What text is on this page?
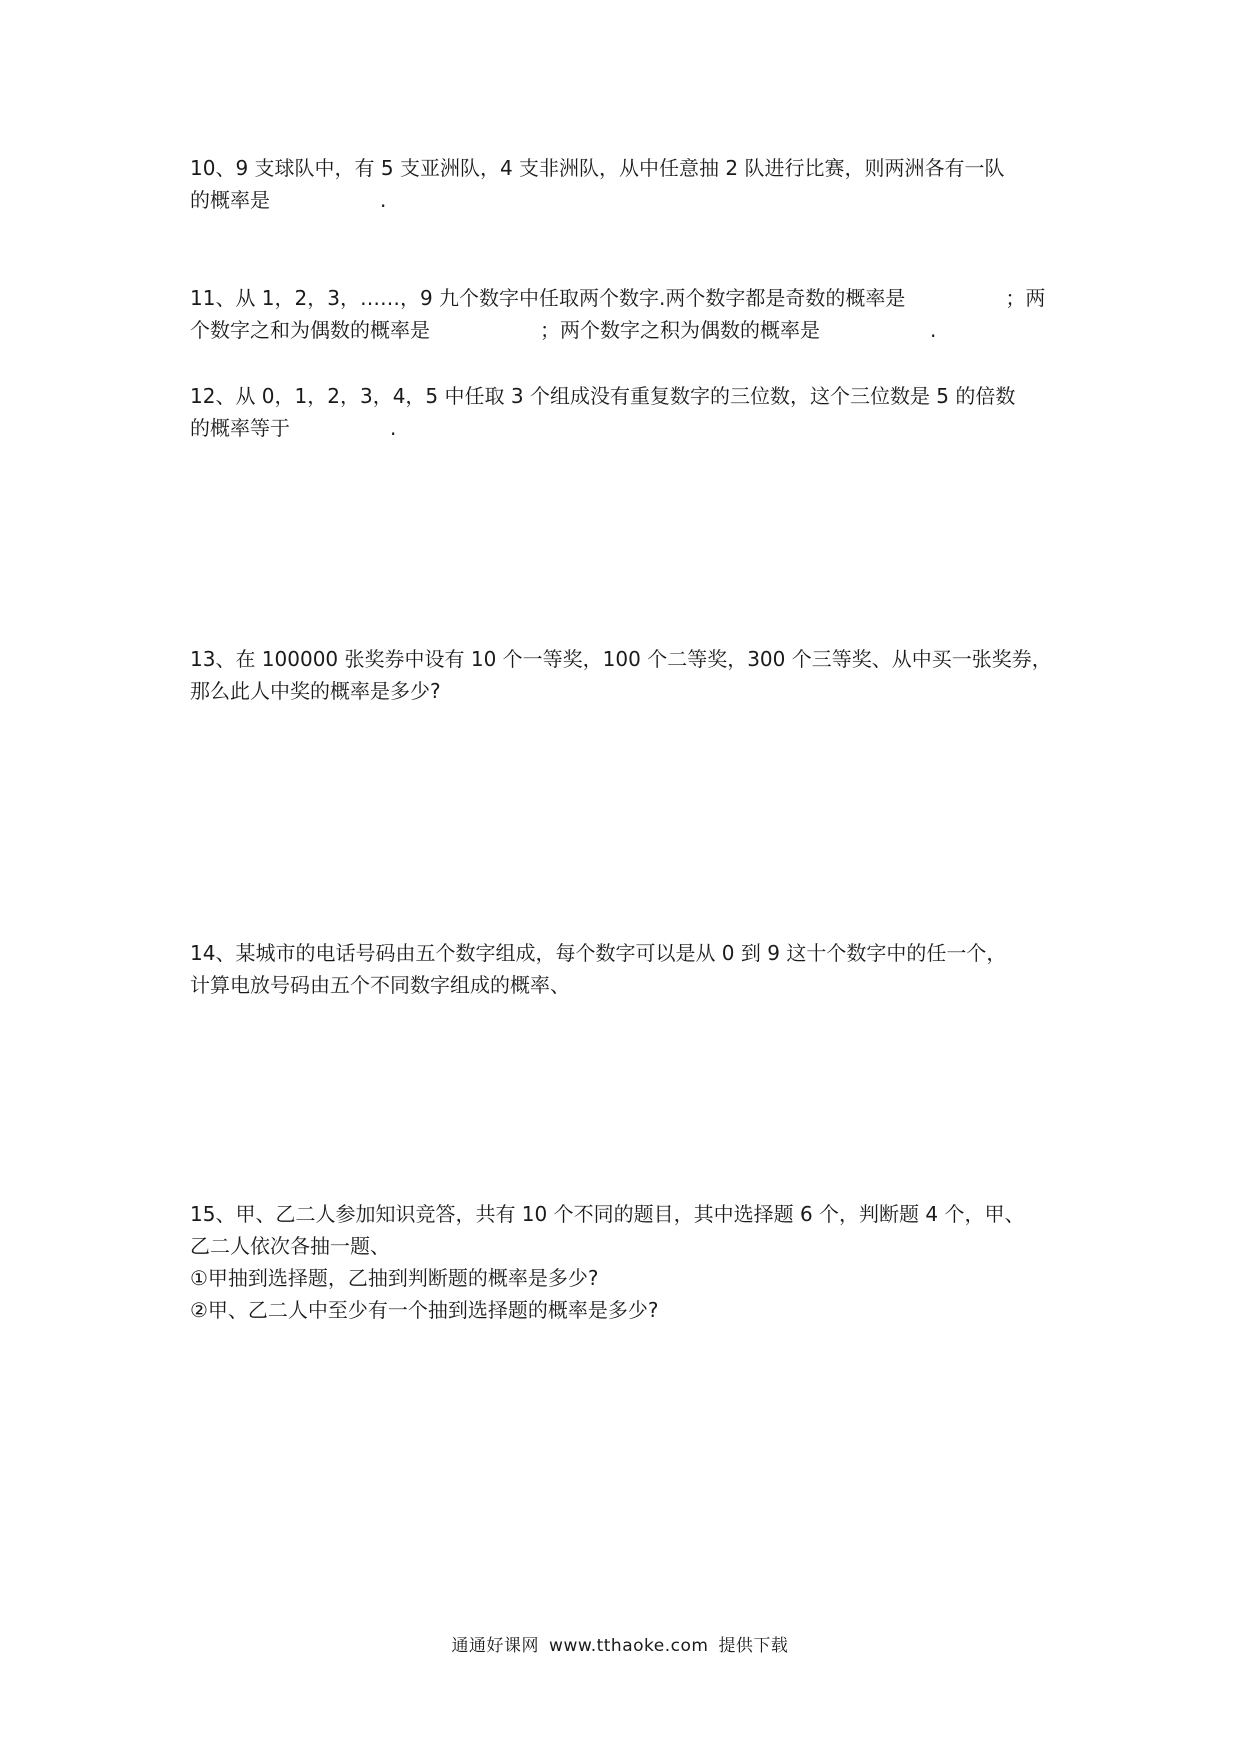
10、9 支球队中，有 5 支亚洲队，4 支非洲队，从中任意抽 2 队进行比赛，则两洲各有一队
的概率是	.
11、从 1，2，3，……，9 九个数字中任取两个数字.两个数字都是奇数的概率是	；两
个数字之和为偶数的概率是	；两个数字之积为偶数的概率是	.
12、从 0，1，2，3，4，5 中任取 3 个组成没有重复数字的三位数，这个三位数是 5 的倍数
的概率等于	.
13、在 100000 张奖券中设有 10 个一等奖，100 个二等奖，300 个三等奖、从中买一张奖券，
那么此人中奖的概率是多少?
14、某城市的电话号码由五个数字组成，每个数字可以是从 0 到 9 这十个数字中的任一个，
计算电放号码由五个不同数字组成的概率、
15、甲、乙二人参加知识竞答，共有 10 个不同的题目，其中选择题 6 个，判断题 4 个，甲、
乙二人依次各抽一题、
①甲抽到选择题，乙抽到判断题的概率是多少?
②甲、乙二人中至少有一个抽到选择题的概率是多少?
通通好课网 www.tthaoke.com 提供下载
